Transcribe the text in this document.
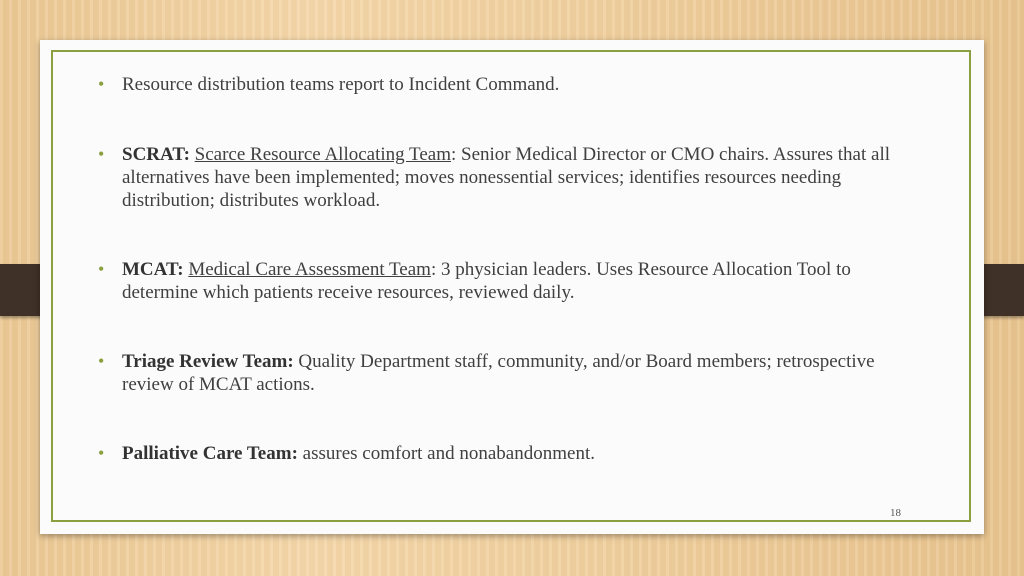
• Resource distribution teams report to Incident Command.
• SCRAT: Scarce Resource Allocating Team: Senior Medical Director or CMO chairs. Assures that all alternatives have been implemented; moves nonessential services; identifies resources needing distribution; distributes workload.
• MCAT: Medical Care Assessment Team: 3 physician leaders. Uses Resource Allocation Tool to determine which patients receive resources, reviewed daily.
• Triage Review Team: Quality Department staff, community, and/or Board members; retrospective review of MCAT actions.
• Palliative Care Team: assures comfort and nonabandonment.
18
